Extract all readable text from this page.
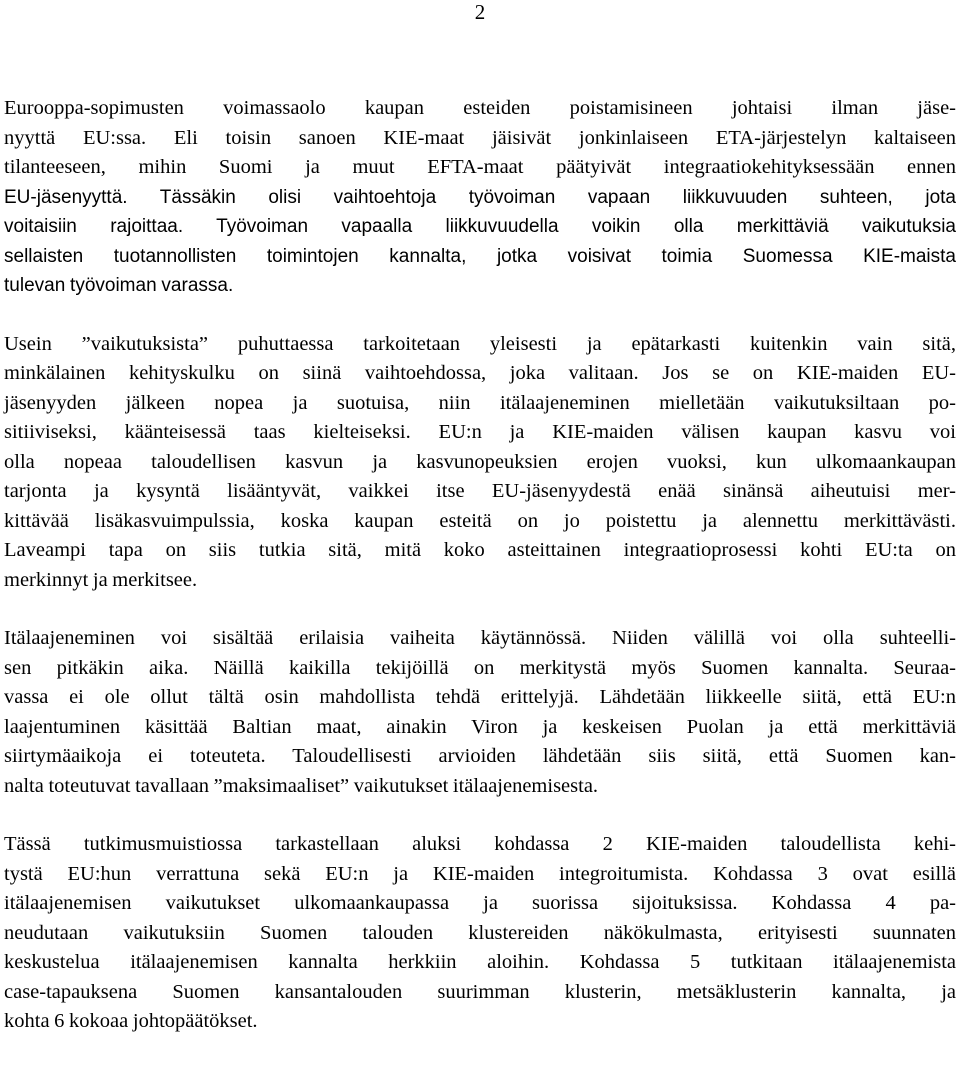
2

Eurooppa-sopimusten voimassaolo kaupan esteiden poistamisineen johtaisi ilman jäse-
nyyttä EU:ssa. Eli toisin sanoen KIE-maat jäisivät jonkinlaiseen ETA-järjestelyn kaltaiseen
tilanteeseen, mihin Suomi ja muut EFTA-maat päätyivät integraatiokehityksessään ennen
EU-jäsenyyttä. Tässäkin olisi vaihtoehtoja työvoiman vapaan liikkuvuuden suhteen, jota
voitaisiin rajoittaa. Työvoiman vapaalla liikkuvuudella voikin olla merkittäviä vaikutuksia
sellaisten tuotannollisten toimintojen kannalta, jotka voisivat toimia Suomessa KIE-maista
tulevan työvoiman varassa.

Usein ”vaikutuksista” puhuttaessa tarkoitetaan yleisesti ja epätarkasti kuitenkin vain sitä,
minkälainen kehityskulku on siinä vaihtoehdossa, joka valitaan. Jos se on KIE-maiden EU-
jäsenyyden jälkeen nopea ja suotuisa, niin itälaajeneminen mielletään vaikutuksiltaan po-
sitiiviseksi, käänteisessä taas kielteiseksi. EU:n ja KIE-maiden välisen kaupan kasvu voi
olla nopeaa taloudellisen kasvun ja kasvunopeuksien erojen vuoksi, kun ulkomaankaupan
tarjonta ja kysyntä lisääntyvät, vaikkei itse EU-jäsenyydestä enää sinänsä aiheutuisi mer-
kittävää lisäkasvuimpulssia, koska kaupan esteitä on jo poistettu ja alennettu merkittävästi.
Laveampi tapa on siis tutkia sitä, mitä koko asteittainen integraatioprosessi kohti EU:ta on
merkinnyt ja merkitsee.

Itälaajeneminen voi sisältää erilaisia vaiheita käytännössä. Niiden välillä voi olla suhteelli-
sen pitkäkin aika. Näillä kaikilla tekijöillä on merkitystä myös Suomen kannalta. Seuraa-
vassa ei ole ollut tältä osin mahdollista tehdä erittelyjä. Lähdetään liikkeelle siitä, että EU:n
laajentuminen käsittää Baltian maat, ainakin Viron ja keskeisen Puolan ja että merkittäviä
siirtymäaikoja ei toteuteta. Taloudellisesti arvioiden lähdetään siis siitä, että Suomen kan-
nalta toteutuvat tavallaan ”maksimaaliset” vaikutukset itälaajenemisesta.

Tässä tutkimusmuistiossa tarkastellaan aluksi kohdassa 2 KIE-maiden taloudellista kehi-
tystä EU:hun verrattuna sekä EU:n ja KIE-maiden integroitumista. Kohdassa 3 ovat esillä
itälaajenemisen vaikutukset ulkomaankaupassa ja suorissa sijoituksissa. Kohdassa 4 pa-
neudutaan vaikutuksiin Suomen talouden klustereiden näkökulmasta, erityisesti suunnaten
keskustelua itälaajenemisen kannalta herkkiin aloihin. Kohdassa 5 tutkitaan itälaajenemista
case-tapauksena Suomen kansantalouden suurimman klusterin, metsäklusterin kannalta, ja
kohta 6 kokoaa johtopäätökset.
